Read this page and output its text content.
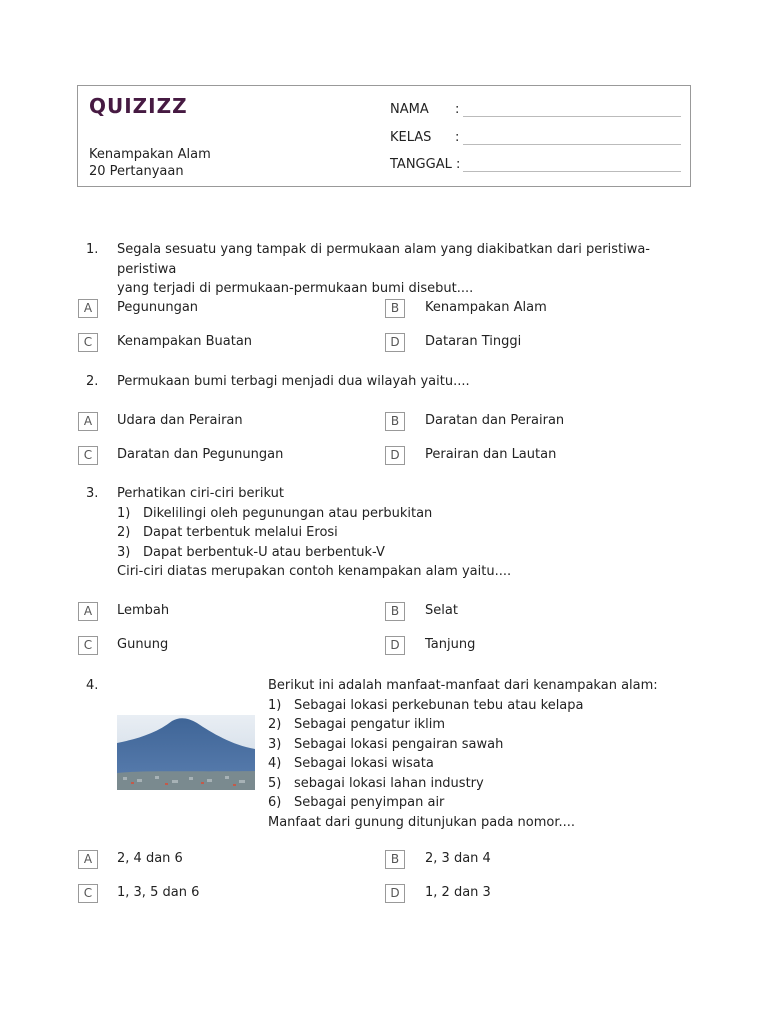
QUIZIZZ
Kenampakan Alam
20 Pertanyaan
NAMA :
KELAS :
TANGGAL :
1. Segala sesuatu yang tampak di permukaan alam yang diakibatkan dari peristiwa-peristiwa
yang terjadi di permukaan-permukaan bumi disebut....
A	Pegunungan	B	Kenampakan Alam
C	Kenampakan Buatan	D	Dataran Tinggi
2. Permukaan bumi terbagi menjadi dua wilayah yaitu....
A	Udara dan Perairan	B	Daratan dan Perairan
C	Daratan dan Pegunungan	D	Perairan dan Lautan
3. Perhatikan ciri-ciri berikut
1) Dikelilingi oleh pegunungan atau perbukitan
2) Dapat terbentuk melalui Erosi
3) Dapat berbentuk-U atau berbentuk-V
Ciri-ciri diatas merupakan contoh kenampakan alam yaitu....
A	Lembah	B	Selat
C	Gunung	D	Tanjung
4.	Berikut ini adalah manfaat-manfaat dari kenampakan alam:
1) Sebagai lokasi perkebunan tebu atau kelapa
2) Sebagai pengatur iklim
3) Sebagai lokasi pengairan sawah
4) Sebagai lokasi wisata
5) sebagai lokasi lahan industry
6) Sebagai penyimpan air
Manfaat dari gunung ditunjukan pada nomor....
A	2, 4 dan 6	B	2, 3 dan 4
C	1, 3, 5 dan 6	D	1, 2 dan 3
